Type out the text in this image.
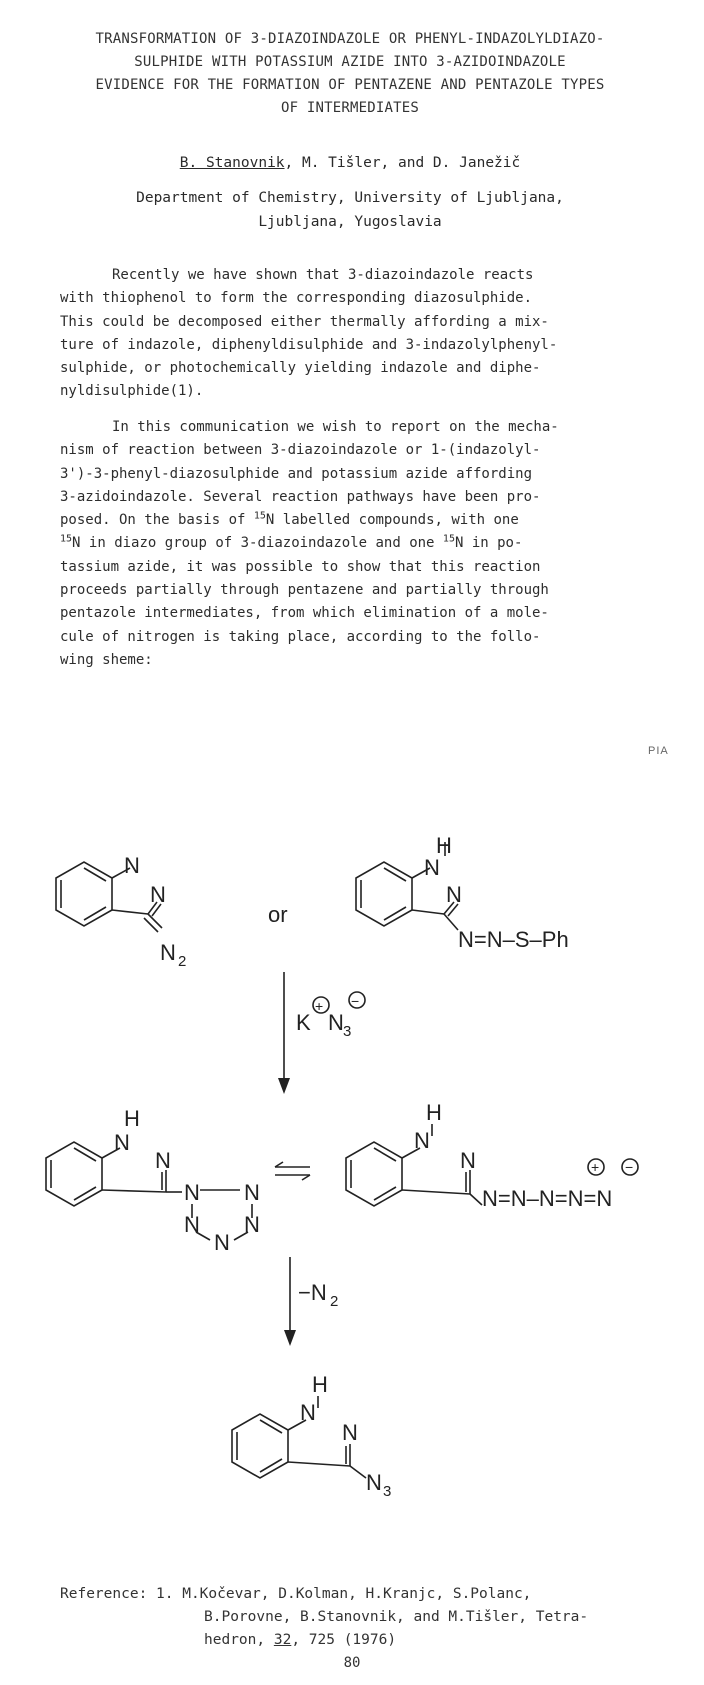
TRANSFORMATION OF 3-DIAZOINDAZOLE OR PHENYL-INDAZOLYLDIAZO-
SULPHIDE WITH POTASSIUM AZIDE INTO 3-AZIDOINDAZOLE
EVIDENCE FOR THE FORMATION OF PENTAZENE AND PENTAZOLE TYPES
OF INTERMEDIATES
B. Stanovnik, M. Tišler, and D. Janežič
Department of Chemistry, University of Ljubljana,
Ljubljana, Yugoslavia
Recently we have shown that 3-diazoindazole reacts
with thiophenol to form the corresponding diazosulphide.
This could be decomposed either thermally affording a mix-
ture of indazole, diphenyldisulphide and 3-indazolylphenyl-
sulphide, or photochemically yielding indazole and diphe-
nyldisulphide(1).
In this communication we wish to report on the mecha-
nism of reaction between 3-diazoindazole or 1-(indazolyl-
3')-3-phenyl-diazosulphide and potassium azide affording
3-azidoindazole. Several reaction pathways have been pro-
posed. On the basis of $^{15}$N labelled compounds, with one
$^{15}$N in diazo group of 3-diazoindazole and one $^{15}$N in po-
tassium azide, it was possible to show that this reaction
proceeds partially through pentazene and partially through
pentazole intermediates, from which elimination of a mole-
cule of nitrogen is taking place, according to the follo-
wing sheme:
PIA
N
N
N 2
or
H
N
N
N=N–S–Ph
K
+
N 3
−
H
N
N
N N
N N
N
H
N
N
N=N–N=N=N
+ −
−N 2
H
N
N
N 3
Reference: 1. M.Kočevar, D.Kolman, H.Kranjc, S.Polanc,
B.Porovne, B.Stanovnik, and M.Tišler, Tetra-
hedron, 32, 725 (1976)
80
